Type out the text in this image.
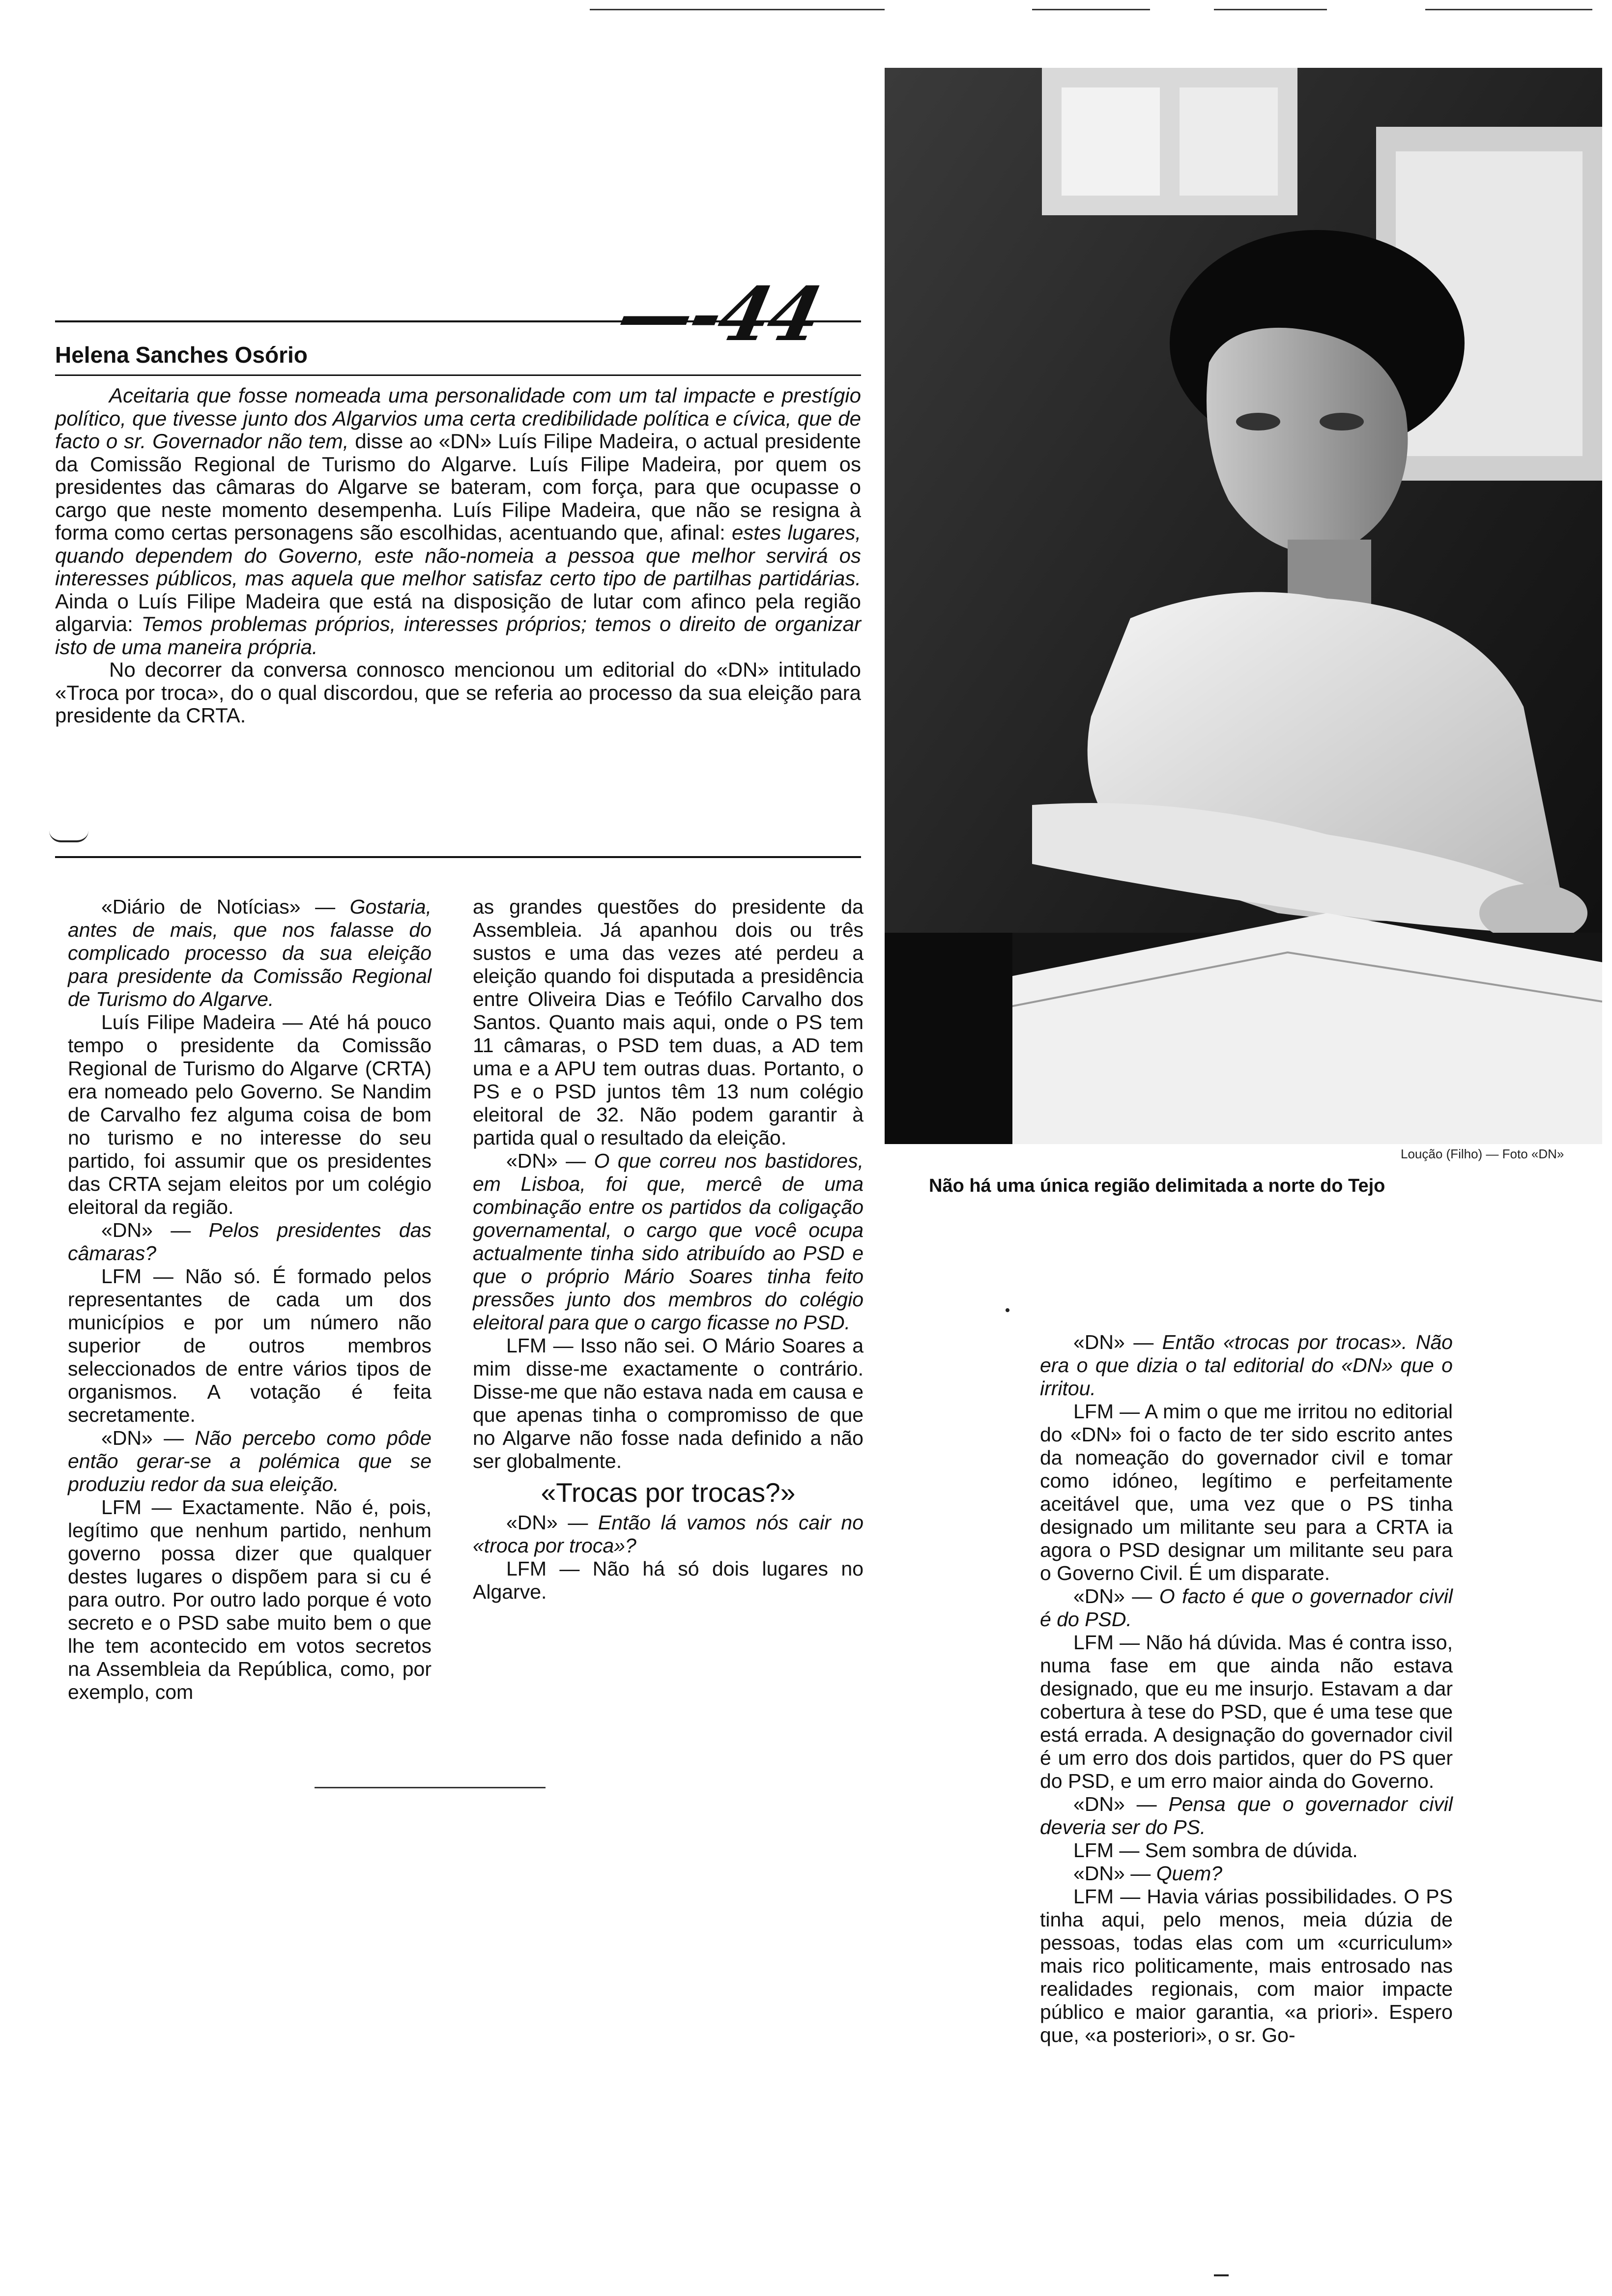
Helena Sanches Osório	—-44

Aceitaria que fosse nomeada uma personalidade com um tal impacte e prestígio político, que tivesse junto dos Algarvios uma certa credibilidade política e cívica, que de facto o sr. Governador não tem, disse ao «DN» Luís Filipe Madeira, o actual presidente da Comissão Regional de Turismo do Algarve. Luís Filipe Madeira, por quem os presidentes das câmaras do Algarve se bateram, com força, para que ocupasse o cargo que neste momento desempenha. Luís Filipe Madeira, que não se resigna à forma como certas personagens são escolhidas, acentuando que, afinal: estes lugares, quando dependem do Governo, este não-nomeia a pessoa que melhor servirá os interesses públicos, mas aquela que melhor satisfaz certo tipo de partilhas partidárias. Ainda o Luís Filipe Madeira que está na disposição de lutar com afinco pela região algarvia: Temos problemas próprios, interesses próprios; temos o direito de organizar isto de uma maneira própria.

No decorrer da conversa connosco mencionou um editorial do «DN» intitulado «Troca por troca», do o qual discordou, que se referia ao processo da sua eleição para presidente da CRTA.

Loução (Filho) — Foto «DN»
Não há uma única região delimitada a norte do Tejo

«Diário de Notícias» — Gostaria, antes de mais, que nos falasse do complicado processo da sua eleição para presidente da Comissão Regional de Turismo do Algarve.

Luís Filipe Madeira — Até há pouco tempo o presidente da Comissão Regional de Turismo do Algarve (CRTA) era nomeado pelo Governo. Se Nandim de Carvalho fez alguma coisa de bom no turismo e no interesse do seu partido, foi assumir que os presidentes das CRTA sejam eleitos por um colégio eleitoral da região.

«DN» — Pelos presidentes das câmaras?

LFM — Não só. É formado pelos representantes de cada um dos municípios e por um número não superior de outros membros seleccionados de entre vários tipos de organismos. A votação é feita secretamente.

«DN» — Não percebo como pôde então gerar-se a polémica que se produziu redor da sua eleição.

LFM — Exactamente. Não é, pois, legítimo que nenhum partido, nenhum governo possa dizer que qualquer destes lugares o dispõem para si cu é para outro. Por outro lado porque é voto secreto e o PSD sabe muito bem o que lhe tem acontecido em votos secretos na Assembleia da República, como, por exemplo, com

as grandes questões do presidente da Assembleia. Já apanhou dois ou três sustos e uma das vezes até perdeu a eleição quando foi disputada a presidência entre Oliveira Dias e Teófilo Carvalho dos Santos. Quanto mais aqui, onde o PS tem 11 câmaras, o PSD tem duas, a AD tem uma e a APU tem outras duas. Portanto, o PS e o PSD juntos têm 13 num colégio eleitoral de 32. Não podem garantir à partida qual o resultado da eleição.

«DN» — O que correu nos bastidores, em Lisboa, foi que, mercê de uma combinação entre os partidos da coligação governamental, o cargo que você ocupa actualmente tinha sido atribuído ao PSD e que o próprio Mário Soares tinha feito pressões junto dos membros do colégio eleitoral para que o cargo ficasse no PSD.

LFM — Isso não sei. O Mário Soares a mim disse-me exactamente o contrário. Disse-me que não estava nada em causa e que apenas tinha o compromisso de que no Algarve não fosse nada definido a não ser globalmente.

«Trocas por trocas?»

«DN» — Então lá vamos nós cair no «troca por troca»?

LFM — Não há só dois lugares no Algarve.

«DN» — Então «trocas por trocas». Não era o que dizia o tal editorial do «DN» que o irritou.

LFM — A mim o que me irritou no editorial do «DN» foi o facto de ter sido escrito antes da nomeação do governador civil e tomar como idóneo, legítimo e perfeitamente aceitável que, uma vez que o PS tinha designado um militante seu para a CRTA ia agora o PSD designar um militante seu para o Governo Civil. É um disparate.

«DN» — O facto é que o governador civil é do PSD.

LFM — Não há dúvida. Mas é contra isso, numa fase em que ainda não estava designado, que eu me insurjo. Estavam a dar cobertura à tese do PSD, que é uma tese que está errada. A designação do governador civil é um erro dos dois partidos, quer do PS quer do PSD, e um erro maior ainda do Governo.

«DN» — Pensa que o governador civil deveria ser do PS.

LFM — Sem sombra de dúvida.

«DN» — Quem?

LFM — Havia várias possibilidades. O PS tinha aqui, pelo menos, meia dúzia de pessoas, todas elas com um «curriculum» mais rico politicamente, mais entrosado nas realidades regionais, com maior impacte público e maior garantia, «a priori». Espero que, «a posteriori», o sr. Go-
